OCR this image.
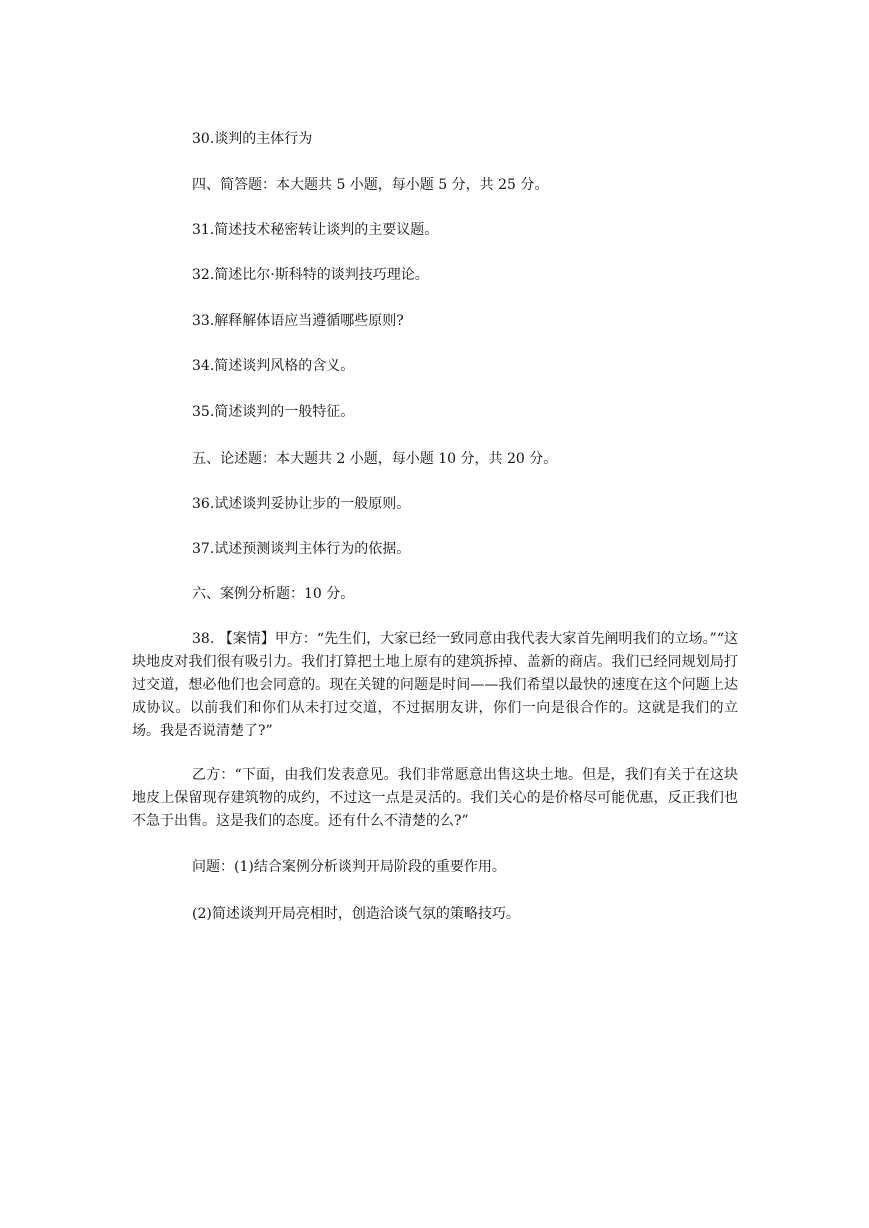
30.谈判的主体行为
四、简答题：本大题共 5 小题，每小题 5 分，共 25 分。
31.简述技术秘密转让谈判的主要议题。
32.简述比尔·斯科特的谈判技巧理论。
33.解释解体语应当遵循哪些原则?
34.简述谈判风格的含义。
35.简述谈判的一般特征。
五、论述题：本大题共 2 小题，每小题 10 分，共 20 分。
36.试述谈判妥协让步的一般原则。
37.试述预测谈判主体行为的依据。
六、案例分析题：10 分。

38. 【案情】甲方：“先生们，大家已经一致同意由我代表大家首先阐明我们的立场。”“这块地皮对我们很有吸引力。我们打算把土地上原有的建筑拆掉、盖新的商店。我们已经同规划局打过交道，想必他们也会同意的。现在关键的问题是时间——我们希望以最快的速度在这个问题上达成协议。以前我们和你们从未打过交道，不过据朋友讲，你们一向是很合作的。这就是我们的立场。我是否说清楚了?”

乙方：“下面，由我们发表意见。我们非常愿意出售这块土地。但是，我们有关于在这块地皮上保留现存建筑物的成约，不过这一点是灵活的。我们关心的是价格尽可能优惠，反正我们也不急于出售。这是我们的态度。还有什么不清楚的么?”

问题：(1)结合案例分析谈判开局阶段的重要作用。
(2)简述谈判开局亮相时，创造洽谈气氛的策略技巧。
